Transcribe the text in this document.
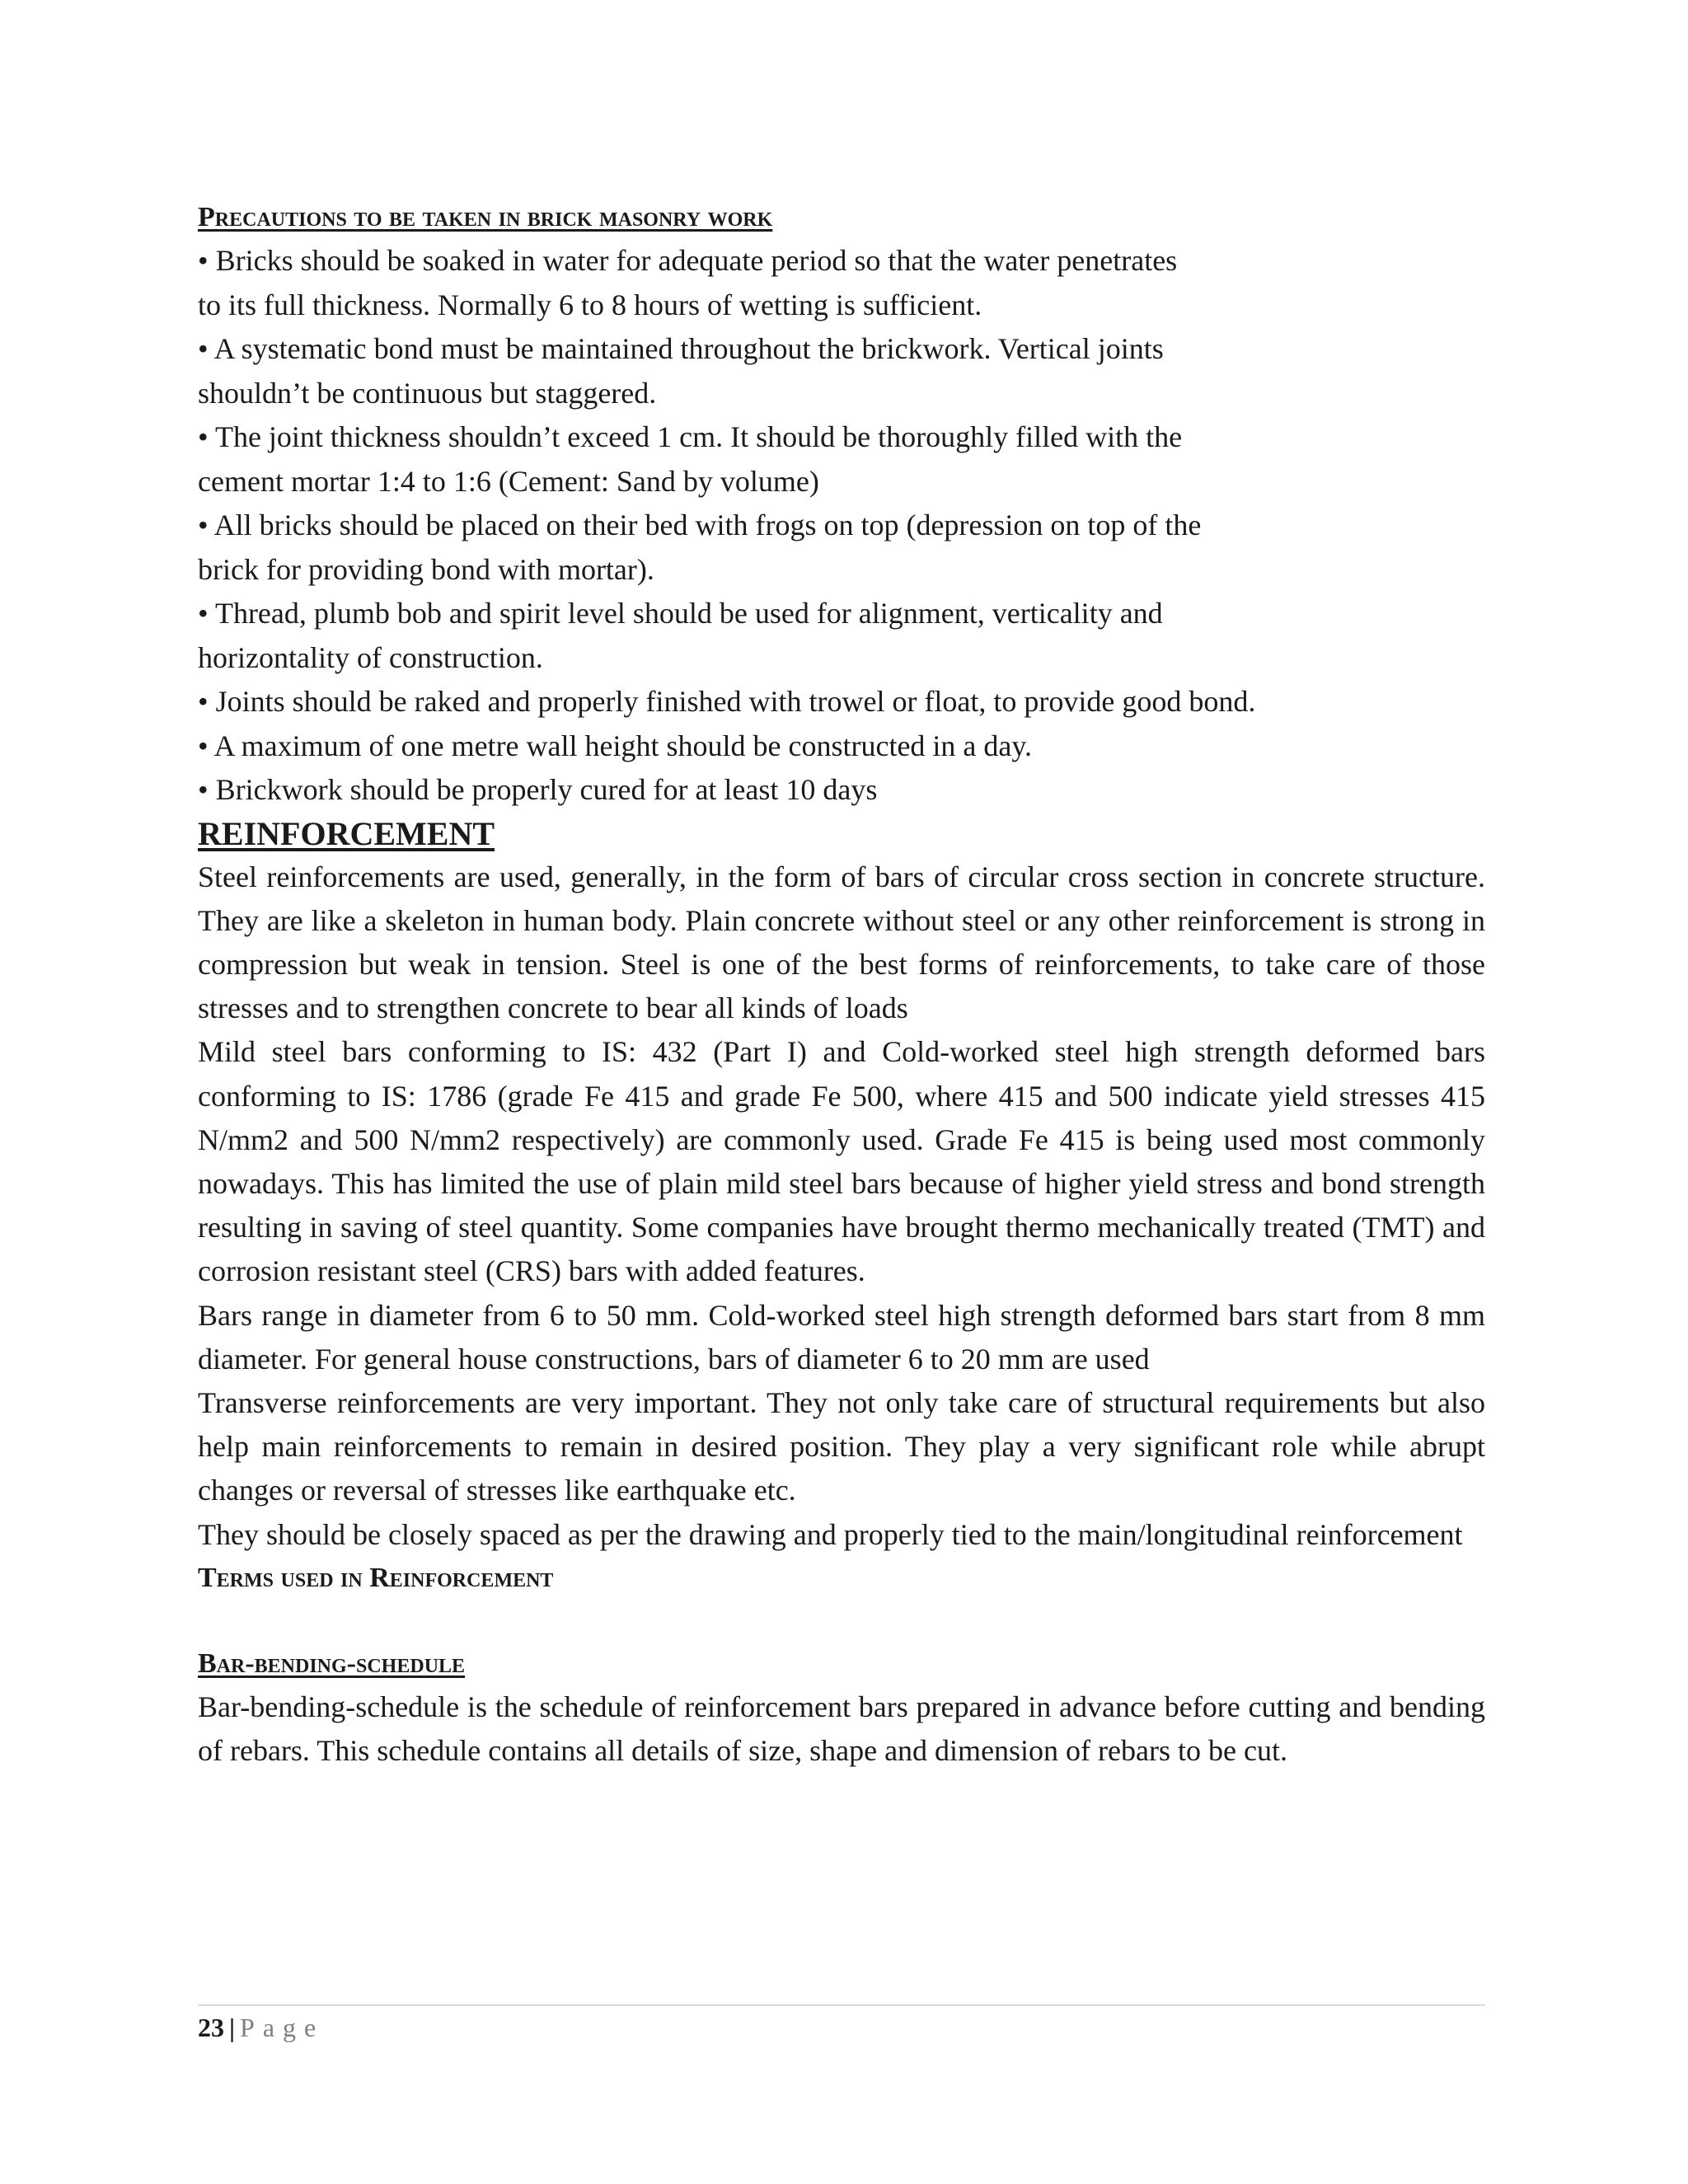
Precautions to be taken in brick masonry work

• Bricks should be soaked in water for adequate period so that the water penetrates

to its full thickness. Normally 6 to 8 hours of wetting is sufficient.

• A systematic bond must be maintained throughout the brickwork. Vertical joints

shouldn’t be continuous but staggered.

• The joint thickness shouldn’t exceed 1 cm. It should be thoroughly filled with the

cement mortar 1:4 to 1:6 (Cement: Sand by volume)

• All bricks should be placed on their bed with frogs on top (depression on top of the

brick for providing bond with mortar).

• Thread, plumb bob and spirit level should be used for alignment, verticality and

horizontality of construction.

• Joints should be raked and properly finished with trowel or float, to provide good bond.

• A maximum of one metre wall height should be constructed in a day.

• Brickwork should be properly cured for at least 10 days

REINFORCEMENT

Steel reinforcements are used, generally, in the form of bars of circular cross section in concrete structure. They are like a skeleton in human body. Plain concrete without steel or any other reinforcement is strong in compression but weak in tension. Steel is one of the best forms of reinforcements, to take care of those stresses and to strengthen concrete to bear all kinds of loads

Mild steel bars conforming to IS: 432 (Part I) and Cold-worked steel high strength deformed bars conforming to IS: 1786 (grade Fe 415 and grade Fe 500, where 415 and 500 indicate yield stresses 415 N/mm2 and 500 N/mm2 respectively) are commonly used. Grade Fe 415 is being used most commonly nowadays. This has limited the use of plain mild steel bars because of higher yield stress and bond strength resulting in saving of steel quantity. Some companies have brought thermo mechanically treated (TMT) and corrosion resistant steel (CRS) bars with added features.

Bars range in diameter from 6 to 50 mm. Cold-worked steel high strength deformed bars start from 8 mm diameter. For general house constructions, bars of diameter 6 to 20 mm are used

Transverse reinforcements are very important. They not only take care of structural requirements but also help main reinforcements to remain in desired position. They play a very significant role while abrupt changes or reversal of stresses like earthquake etc.

They should be closely spaced as per the drawing and properly tied to the main/longitudinal reinforcement

Terms used in Reinforcement

Bar-bending-schedule

Bar-bending-schedule is the schedule of reinforcement bars prepared in advance before cutting and bending of rebars. This schedule contains all details of size, shape and dimension of rebars to be cut.

23 | Page
